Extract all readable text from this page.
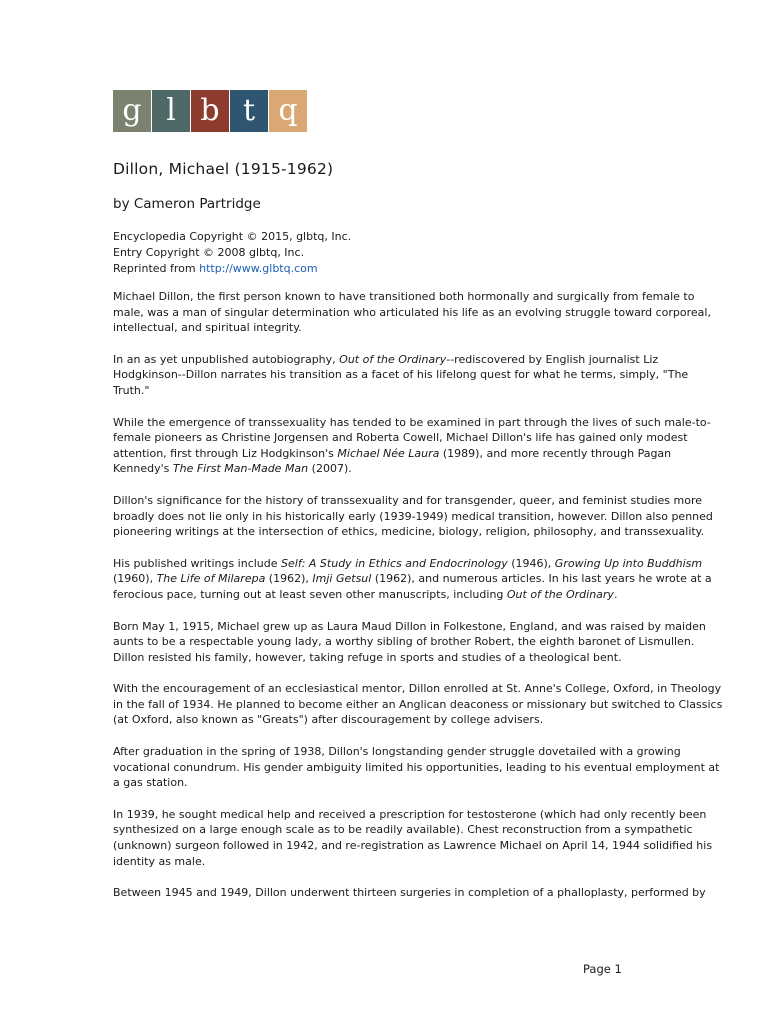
g l b t q
Dillon, Michael (1915-1962)
by Cameron Partridge
Encyclopedia Copyright © 2015, glbtq, Inc.
Entry Copyright © 2008 glbtq, Inc.
Reprinted from http://www.glbtq.com

Michael Dillon, the first person known to have transitioned both hormonally and surgically from female to male, was a man of singular determination who articulated his life as an evolving struggle toward corporeal, intellectual, and spiritual integrity.

In an as yet unpublished autobiography, Out of the Ordinary--rediscovered by English journalist Liz Hodgkinson--Dillon narrates his transition as a facet of his lifelong quest for what he terms, simply, "The Truth."

While the emergence of transsexuality has tended to be examined in part through the lives of such male-to-female pioneers as Christine Jorgensen and Roberta Cowell, Michael Dillon's life has gained only modest attention, first through Liz Hodgkinson's Michael Née Laura (1989), and more recently through Pagan Kennedy's The First Man-Made Man (2007).

Dillon's significance for the history of transsexuality and for transgender, queer, and feminist studies more broadly does not lie only in his historically early (1939-1949) medical transition, however. Dillon also penned pioneering writings at the intersection of ethics, medicine, biology, religion, philosophy, and transsexuality.

His published writings include Self: A Study in Ethics and Endocrinology (1946), Growing Up into Buddhism (1960), The Life of Milarepa (1962), Imji Getsul (1962), and numerous articles. In his last years he wrote at a ferocious pace, turning out at least seven other manuscripts, including Out of the Ordinary.

Born May 1, 1915, Michael grew up as Laura Maud Dillon in Folkestone, England, and was raised by maiden aunts to be a respectable young lady, a worthy sibling of brother Robert, the eighth baronet of Lismullen. Dillon resisted his family, however, taking refuge in sports and studies of a theological bent.

With the encouragement of an ecclesiastical mentor, Dillon enrolled at St. Anne's College, Oxford, in Theology in the fall of 1934. He planned to become either an Anglican deaconess or missionary but switched to Classics (at Oxford, also known as "Greats") after discouragement by college advisers.

After graduation in the spring of 1938, Dillon's longstanding gender struggle dovetailed with a growing vocational conundrum. His gender ambiguity limited his opportunities, leading to his eventual employment at a gas station.

In 1939, he sought medical help and received a prescription for testosterone (which had only recently been synthesized on a large enough scale as to be readily available). Chest reconstruction from a sympathetic (unknown) surgeon followed in 1942, and re-registration as Lawrence Michael on April 14, 1944 solidified his identity as male.

Between 1945 and 1949, Dillon underwent thirteen surgeries in completion of a phalloplasty, performed by

Page 1
